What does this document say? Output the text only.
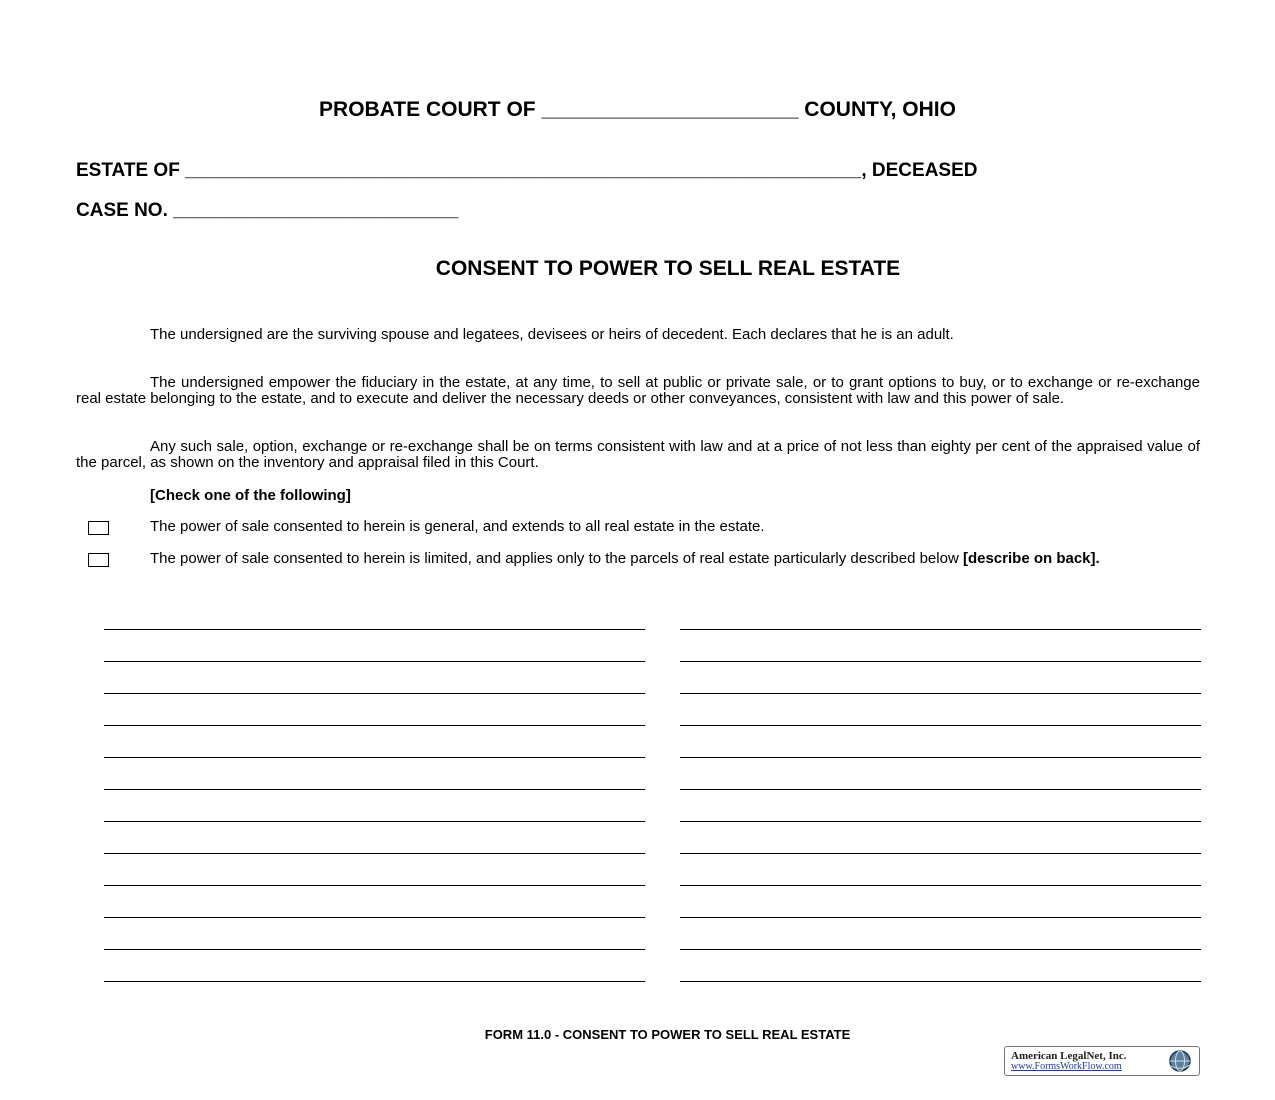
PROBATE COURT OF ______________________ COUNTY, OHIO
ESTATE OF ________________________________________________________________, DECEASED
CASE NO. ___________________________
CONSENT TO POWER TO SELL REAL ESTATE

The undersigned are the surviving spouse and legatees, devisees or heirs of decedent. Each declares that he is an adult.

The undersigned empower the fiduciary in the estate, at any time, to sell at public or private sale, or to grant options to buy, or to exchange or re-exchange real estate belonging to the estate, and to execute and deliver the necessary deeds or other conveyances, consistent with law and this power of sale.

Any such sale, option, exchange or re-exchange shall be on terms consistent with law and at a price of not less than eighty per cent of the appraised value of the parcel, as shown on the inventory and appraisal filed in this Court.

[Check one of the following]
The power of sale consented to herein is general, and extends to all real estate in the estate.
The power of sale consented to herein is limited, and applies only to the parcels of real estate particularly described below [describe on back].
FORM 11.0 - CONSENT TO POWER TO SELL REAL ESTATE
American LegalNet, Inc.
www.FormsWorkFlow.com
